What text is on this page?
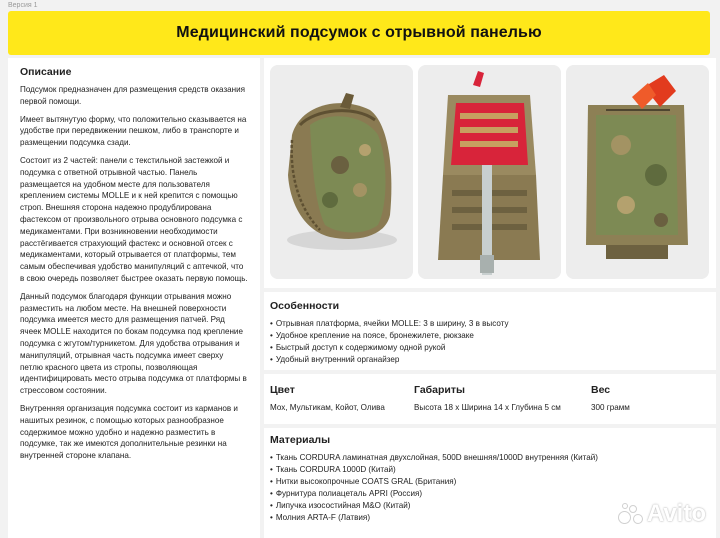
Версия 1
Медицинский подсумок с отрывной панелью
Описание

Подсумок предназначен для размещения средств оказания первой помощи.

Имеет вытянутую форму, что положительно сказывается на удобстве при передвижении пешком, либо в транспорте и размещении подсумка сзади.

Состоит из 2 частей: панели с текстильной застежкой и подсумка с ответной отрывной частью. Панель размещается на удобном месте для пользователя креплением системы MOLLE и к ней крепится с помощью строп. Внешняя сторона надежно продублирована фастексом от произвольного отрыва основного подсумка с медикаментами. При возникновении необходимости расстёгивается страхующий фастекс и основной отсек с медикаментами, который отрывается от платформы, тем самым обеспечивая удобство манипуляций с аптечкой, что в свою очередь позволяет быстрее оказать первую помощь.

Данный подсумок благодаря функции отрывания можно разместить на любом месте. На внешней поверхности подсумка имеется место для размещения патчей. Ряд ячеек MOLLE находится по бокам подсумка под крепление подсумка с жгутом/турникетом. Для удобства отрывания и манипуляций, отрывная часть подсумка имеет сверху петлю красного цвета из стропы, позволяющая идентифицировать место отрыва подсумка от платформы в стрессовом состоянии.

Внутренняя организация подсумка состоит из карманов и нашитых резинок, с помощью которых разнообразное содержимое можно удобно и надежно разместить в подсумке, так же имеются дополнительные резинки на внутренней стороне клапана.

Особенности
• Отрывная платформа, ячейки MOLLE: 3 в ширину, 3 в высоту
• Удобное крепление на поясе, бронежилете, рюкзаке
• Быстрый доступ к содержимому одной рукой
• Удобный внутренний органайзер
Цвет
Мох, Мультикам, Койот, Олива
Габариты
Высота 18 х Ширина 14 х Глубина 5 см
Вес
300 грамм
Материалы
• Ткань CORDURA ламинатная двухслойная, 500D внешняя/1000D внутренняя (Китай)
• Ткань CORDURA 1000D (Китай)
• Нитки высокопрочные COATS GRAL (Британия)
• Фурнитура полиацеталь APRI (Россия)
• Липучка изосостийная М&О (Китай)
• Молния ARTA-F (Латвия)	Avito
